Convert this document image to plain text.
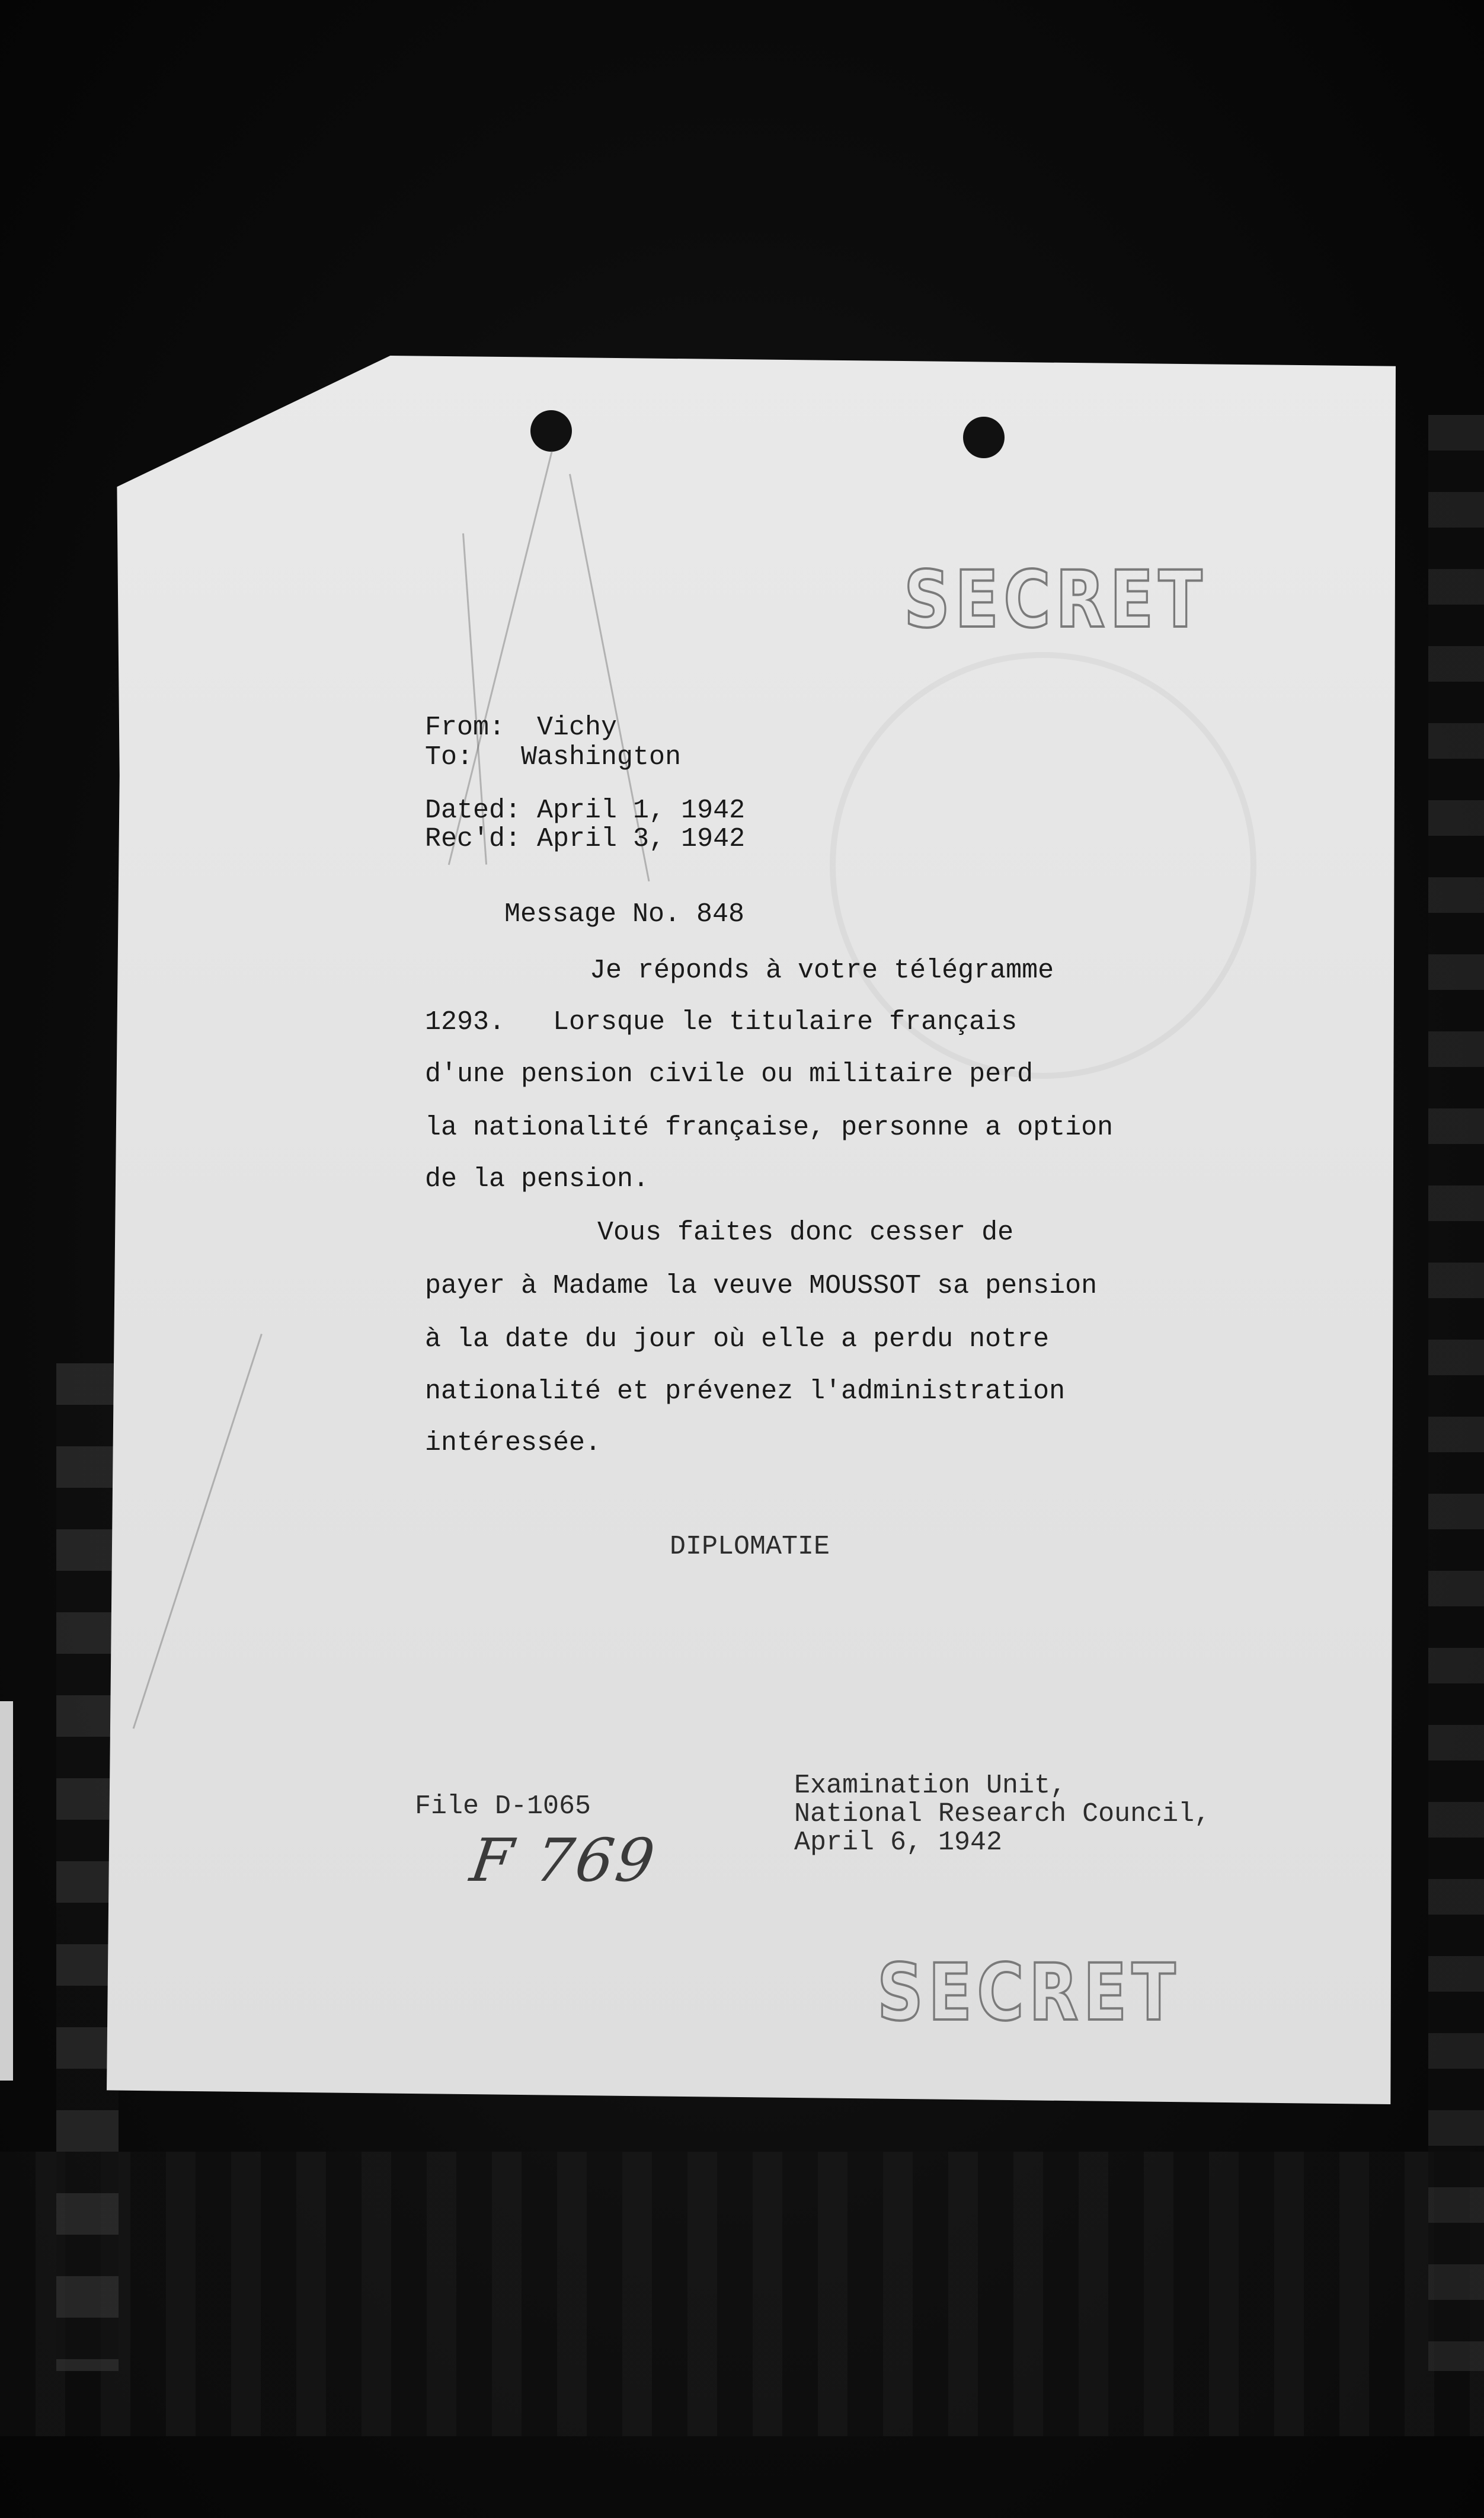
SECRET
From:  Vichy
To:   Washington
Dated: April 1, 1942
Rec'd: April 3, 1942
Message No. 848
Je réponds à votre télégramme
1293.   Lorsque le titulaire français
d'une pension civile ou militaire perd
la nationalité française, personne a option
de la pension.
Vous faites donc cesser de
payer à Madame la veuve MOUSSOT sa pension
à la date du jour où elle a perdu notre
nationalité et prévenez l'administration
intéressée.
DIPLOMATIE
File D-1065
F 769
Examination Unit,
National Research Council,
April 6, 1942
SECRET
